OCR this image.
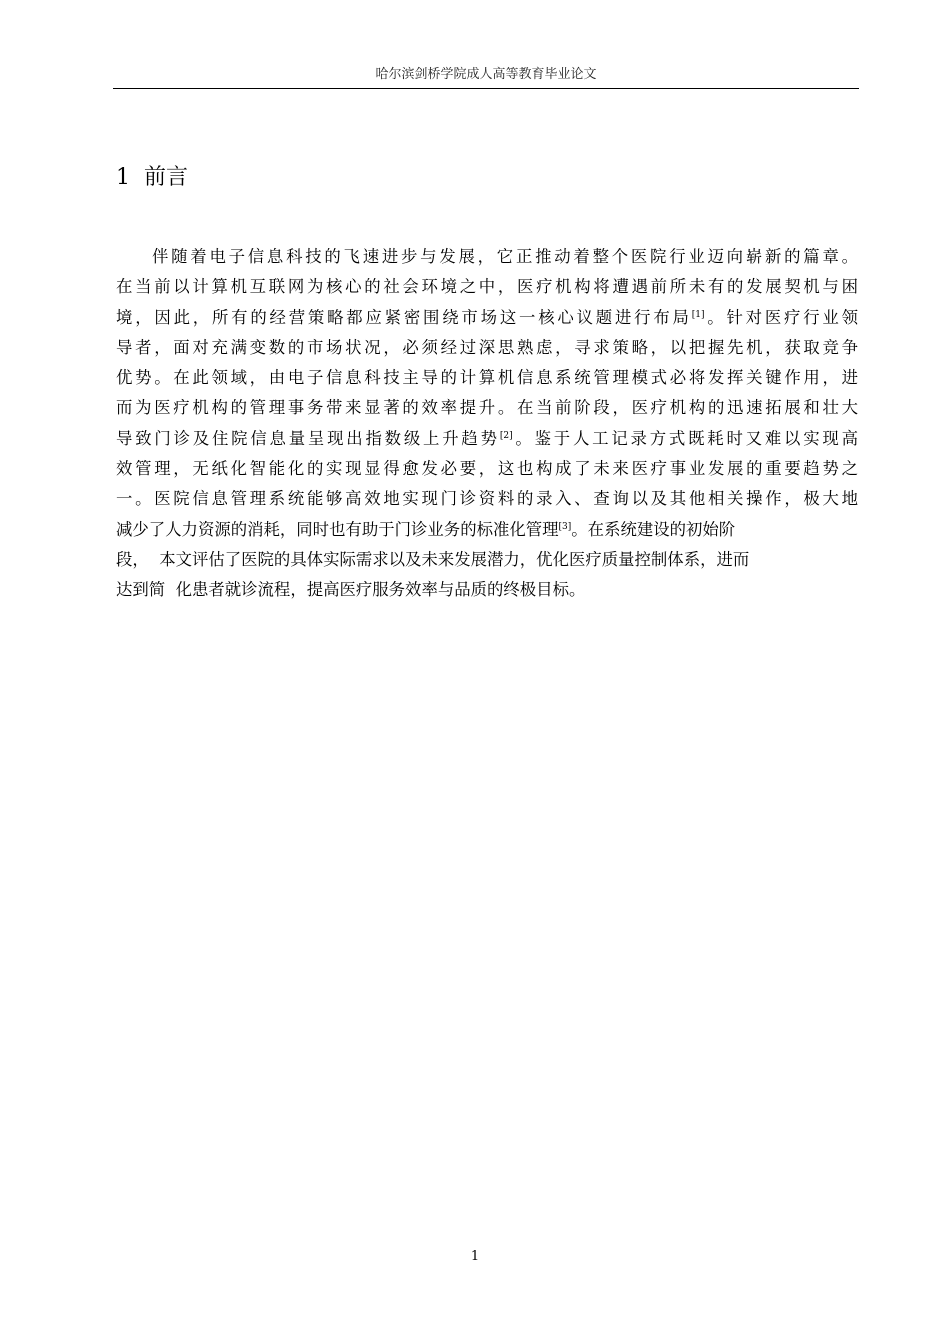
哈尔滨剑桥学院成人高等教育毕业论文
1 前言
伴随着电子信息科技的飞速进步与发展，它正推动着整个医院行业迈向崭新的篇章。
在当前以计算机互联网为核心的社会环境之中，医疗机构将遭遇前所未有的发展契机与困
境，因此，所有的经营策略都应紧密围绕市场这一核心议题进行布局[1]。针对医疗行业领
导者，面对充满变数的市场状况，必须经过深思熟虑，寻求策略，以把握先机，获取竞争
优势。在此领域，由电子信息科技主导的计算机信息系统管理模式必将发挥关键作用，进
而为医疗机构的管理事务带来显著的效率提升。在当前阶段，医疗机构的迅速拓展和壮大
导致门诊及住院信息量呈现出指数级上升趋势[2]。鉴于人工记录方式既耗时又难以实现高
效管理，无纸化智能化的实现显得愈发必要，这也构成了未来医疗事业发展的重要趋势之
一。医院信息管理系统能够高效地实现门诊资料的录入、查询以及其他相关操作，极大地
减少了人力资源的消耗，同时也有助于门诊业务的标准化管理[3]。在系统建设的初始阶
段，  本文评估了医院的具体实际需求以及未来发展潜力，优化医疗质量控制体系，进而
达到简  化患者就诊流程，提高医疗服务效率与品质的终极目标。
1
